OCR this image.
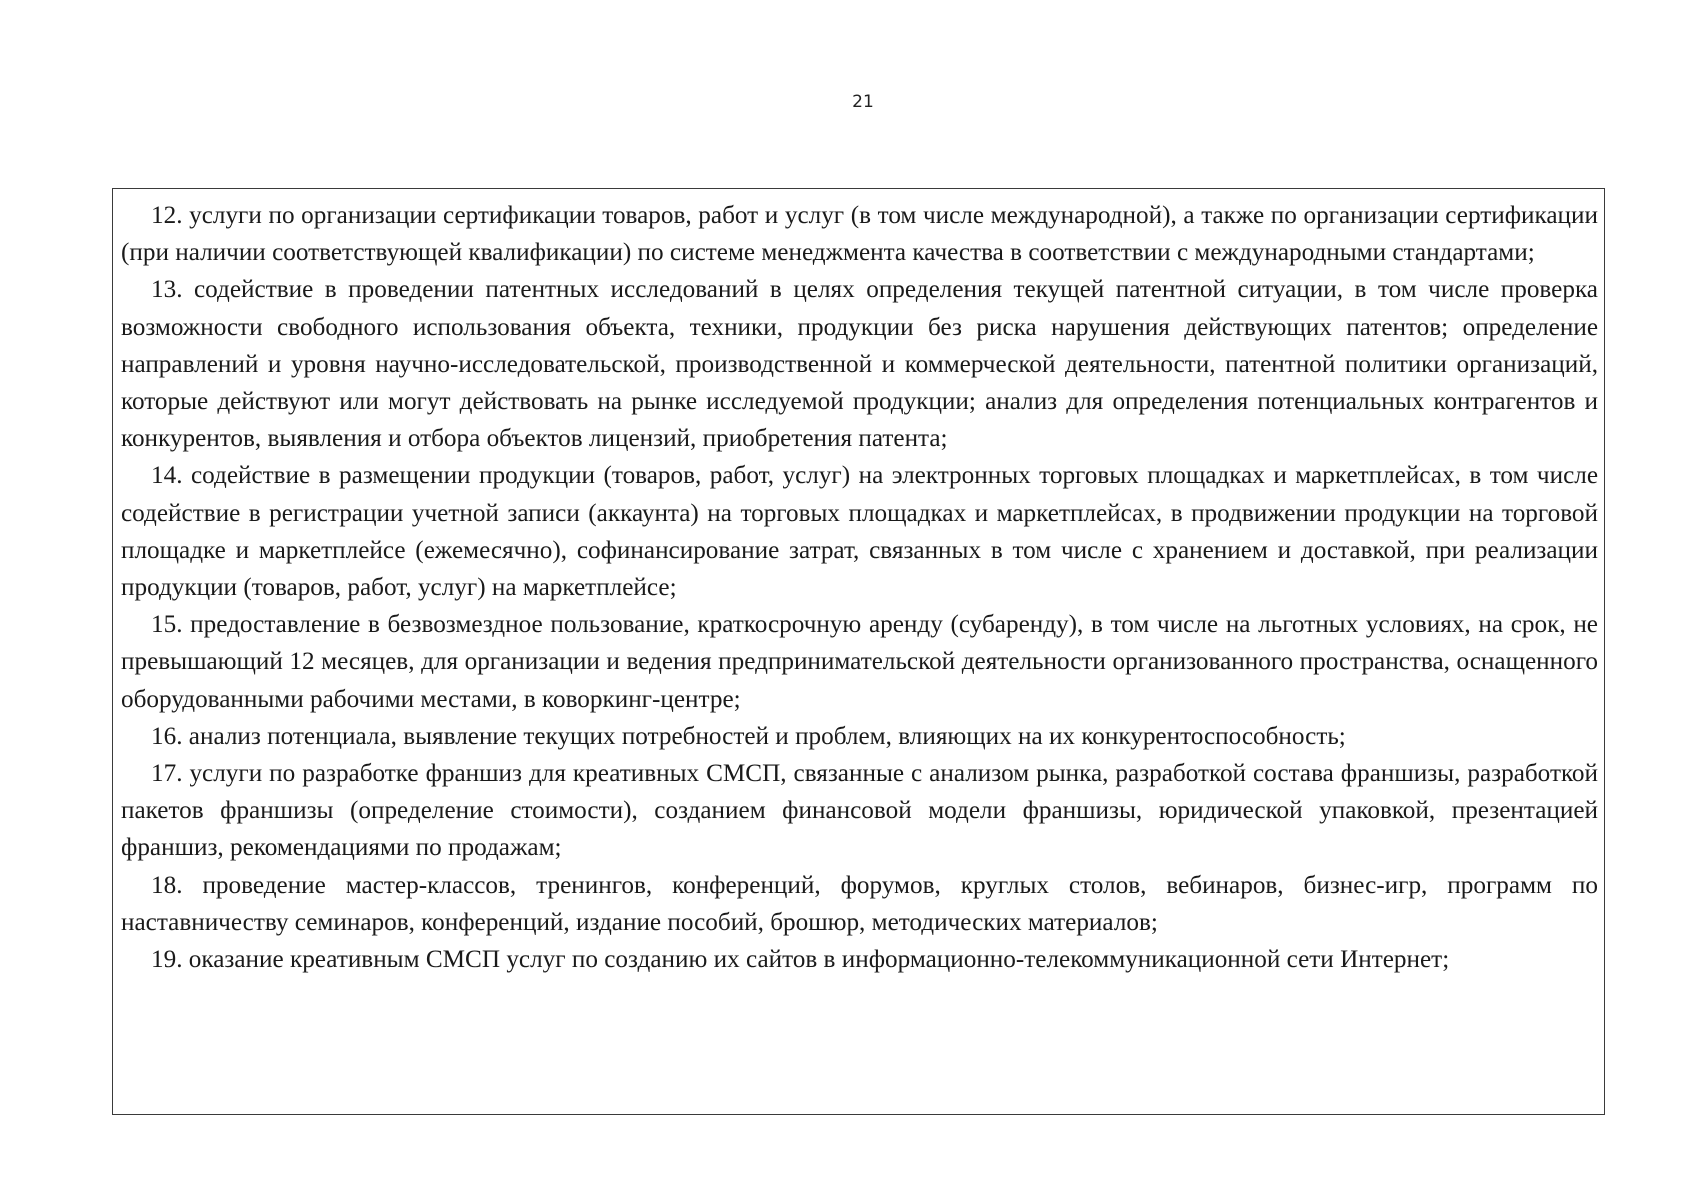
21

12. услуги по организации сертификации товаров, работ и услуг (в том числе международной), а также по организации сертификации (при наличии соответствующей квалификации) по системе менеджмента качества в соответствии с международными стандартами;

13. содействие в проведении патентных исследований в целях определения текущей патентной ситуации, в том числе проверка возможности свободного использования объекта, техники, продукции без риска нарушения действующих патентов; определение направлений и уровня научно-исследовательской, производственной и коммерческой деятельности, патентной политики организаций, которые действуют или могут действовать на рынке исследуемой продукции; анализ для определения потенциальных контрагентов и конкурентов, выявления и отбора объектов лицензий, приобретения патента;

14. содействие в размещении продукции (товаров, работ, услуг) на электронных торговых площадках и маркетплейсах, в том числе содействие в регистрации учетной записи (аккаунта) на торговых площадках и маркетплейсах, в продвижении продукции на торговой площадке и маркетплейсе (ежемесячно), софинансирование затрат, связанных в том числе с хранением и доставкой, при реализации продукции (товаров, работ, услуг) на маркетплейсе;

15. предоставление в безвозмездное пользование, краткосрочную аренду (субаренду), в том числе на льготных условиях, на срок, не превышающий 12 месяцев, для организации и ведения предпринимательской деятельности организованного пространства, оснащенного оборудованными рабочими местами, в коворкинг-центре;

16. анализ потенциала, выявление текущих потребностей и проблем, влияющих на их конкурентоспособность;

17. услуги по разработке франшиз для креативных СМСП, связанные с анализом рынка, разработкой состава франшизы, разработкой пакетов франшизы (определение стоимости), созданием финансовой модели франшизы, юридической упаковкой, презентацией франшиз, рекомендациями по продажам;

18. проведение мастер-классов, тренингов, конференций, форумов, круглых столов, вебинаров, бизнес-игр, программ по наставничеству семинаров, конференций, издание пособий, брошюр, методических материалов;

19. оказание креативным СМСП услуг по созданию их сайтов в информационно-телекоммуникационной сети Интернет;
